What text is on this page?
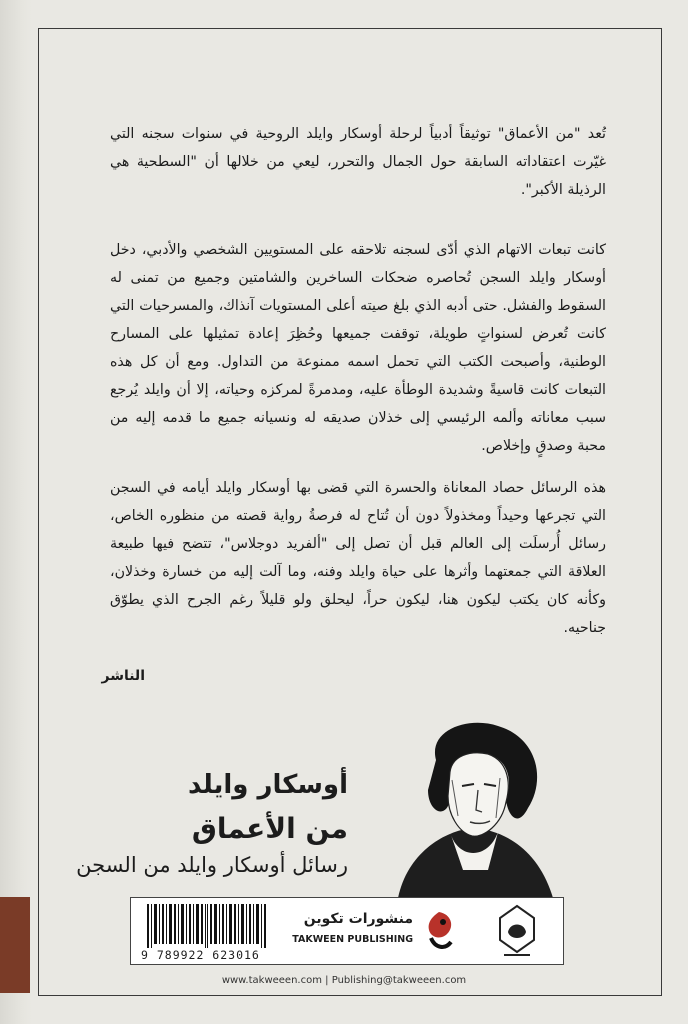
تُعد "من الأعماق" توثيقاً أدبياً لرحلة أوسكار وايلد الروحية في سنوات سجنه التي غيّرت اعتقاداته السابقة حول الجمال والتحرر، ليعي من خلالها أن "السطحية هي الرذيلة الأكبر".

كانت تبعات الاتهام الذي أدّى لسجنه تلاحقه على المستويين الشخصي والأدبي، دخل أوسكار وايلد السجن تُحاصره ضحكات الساخرين والشامتين وجميع من تمنى له السقوط والفشل. حتى أدبه الذي بلغ صيته أعلى المستويات آنذاك، والمسرحيات التي كانت تُعرض لسنواتٍ طويلة، توقفت جميعها وحُظِرَ إعادة تمثيلها على المسارح الوطنية، وأصبحت الكتب التي تحمل اسمه ممنوعة من التداول. ومع أن كل هذه التبعات كانت قاسيةً وشديدة الوطأة عليه، ومدمرةً لمركزه وحياته، إلا أن وايلد يُرجع سبب معاناته وألمه الرئيسي إلى خذلان صديقه له ونسيانه جميع ما قدمه إليه من محبة وصدقٍ وإخلاص.

هذه الرسائل حصاد المعاناة والحسرة التي قضى بها أوسكار وايلد أيامه في السجن التي تجرعها وحيداً ومخذولاً دون أن تُتاح له فرصةُ رواية قصته من منظوره الخاص، رسائل أُرسلَت إلى العالم قبل أن تصل إلى "ألفريد دوجلاس"، تتضح فيها طبيعة العلاقة التي جمعتهما وأثرها على حياة وايلد وفنه، وما آلت إليه من خسارة وخذلان، وكأنه كان يكتب ليكون هنا، ليكون حراً، ليحلق ولو قليلاً رغم الجرح الذي يطوّق جناحيه.

الناشر

أوسكار وايلد

من الأعماق

رسائل أوسكار وايلد من السجن

9 789922 623016

منشورات تكوين

TAKWEEN PUBLISHING

www.takweeen.com | Publishing@takweeen.com
